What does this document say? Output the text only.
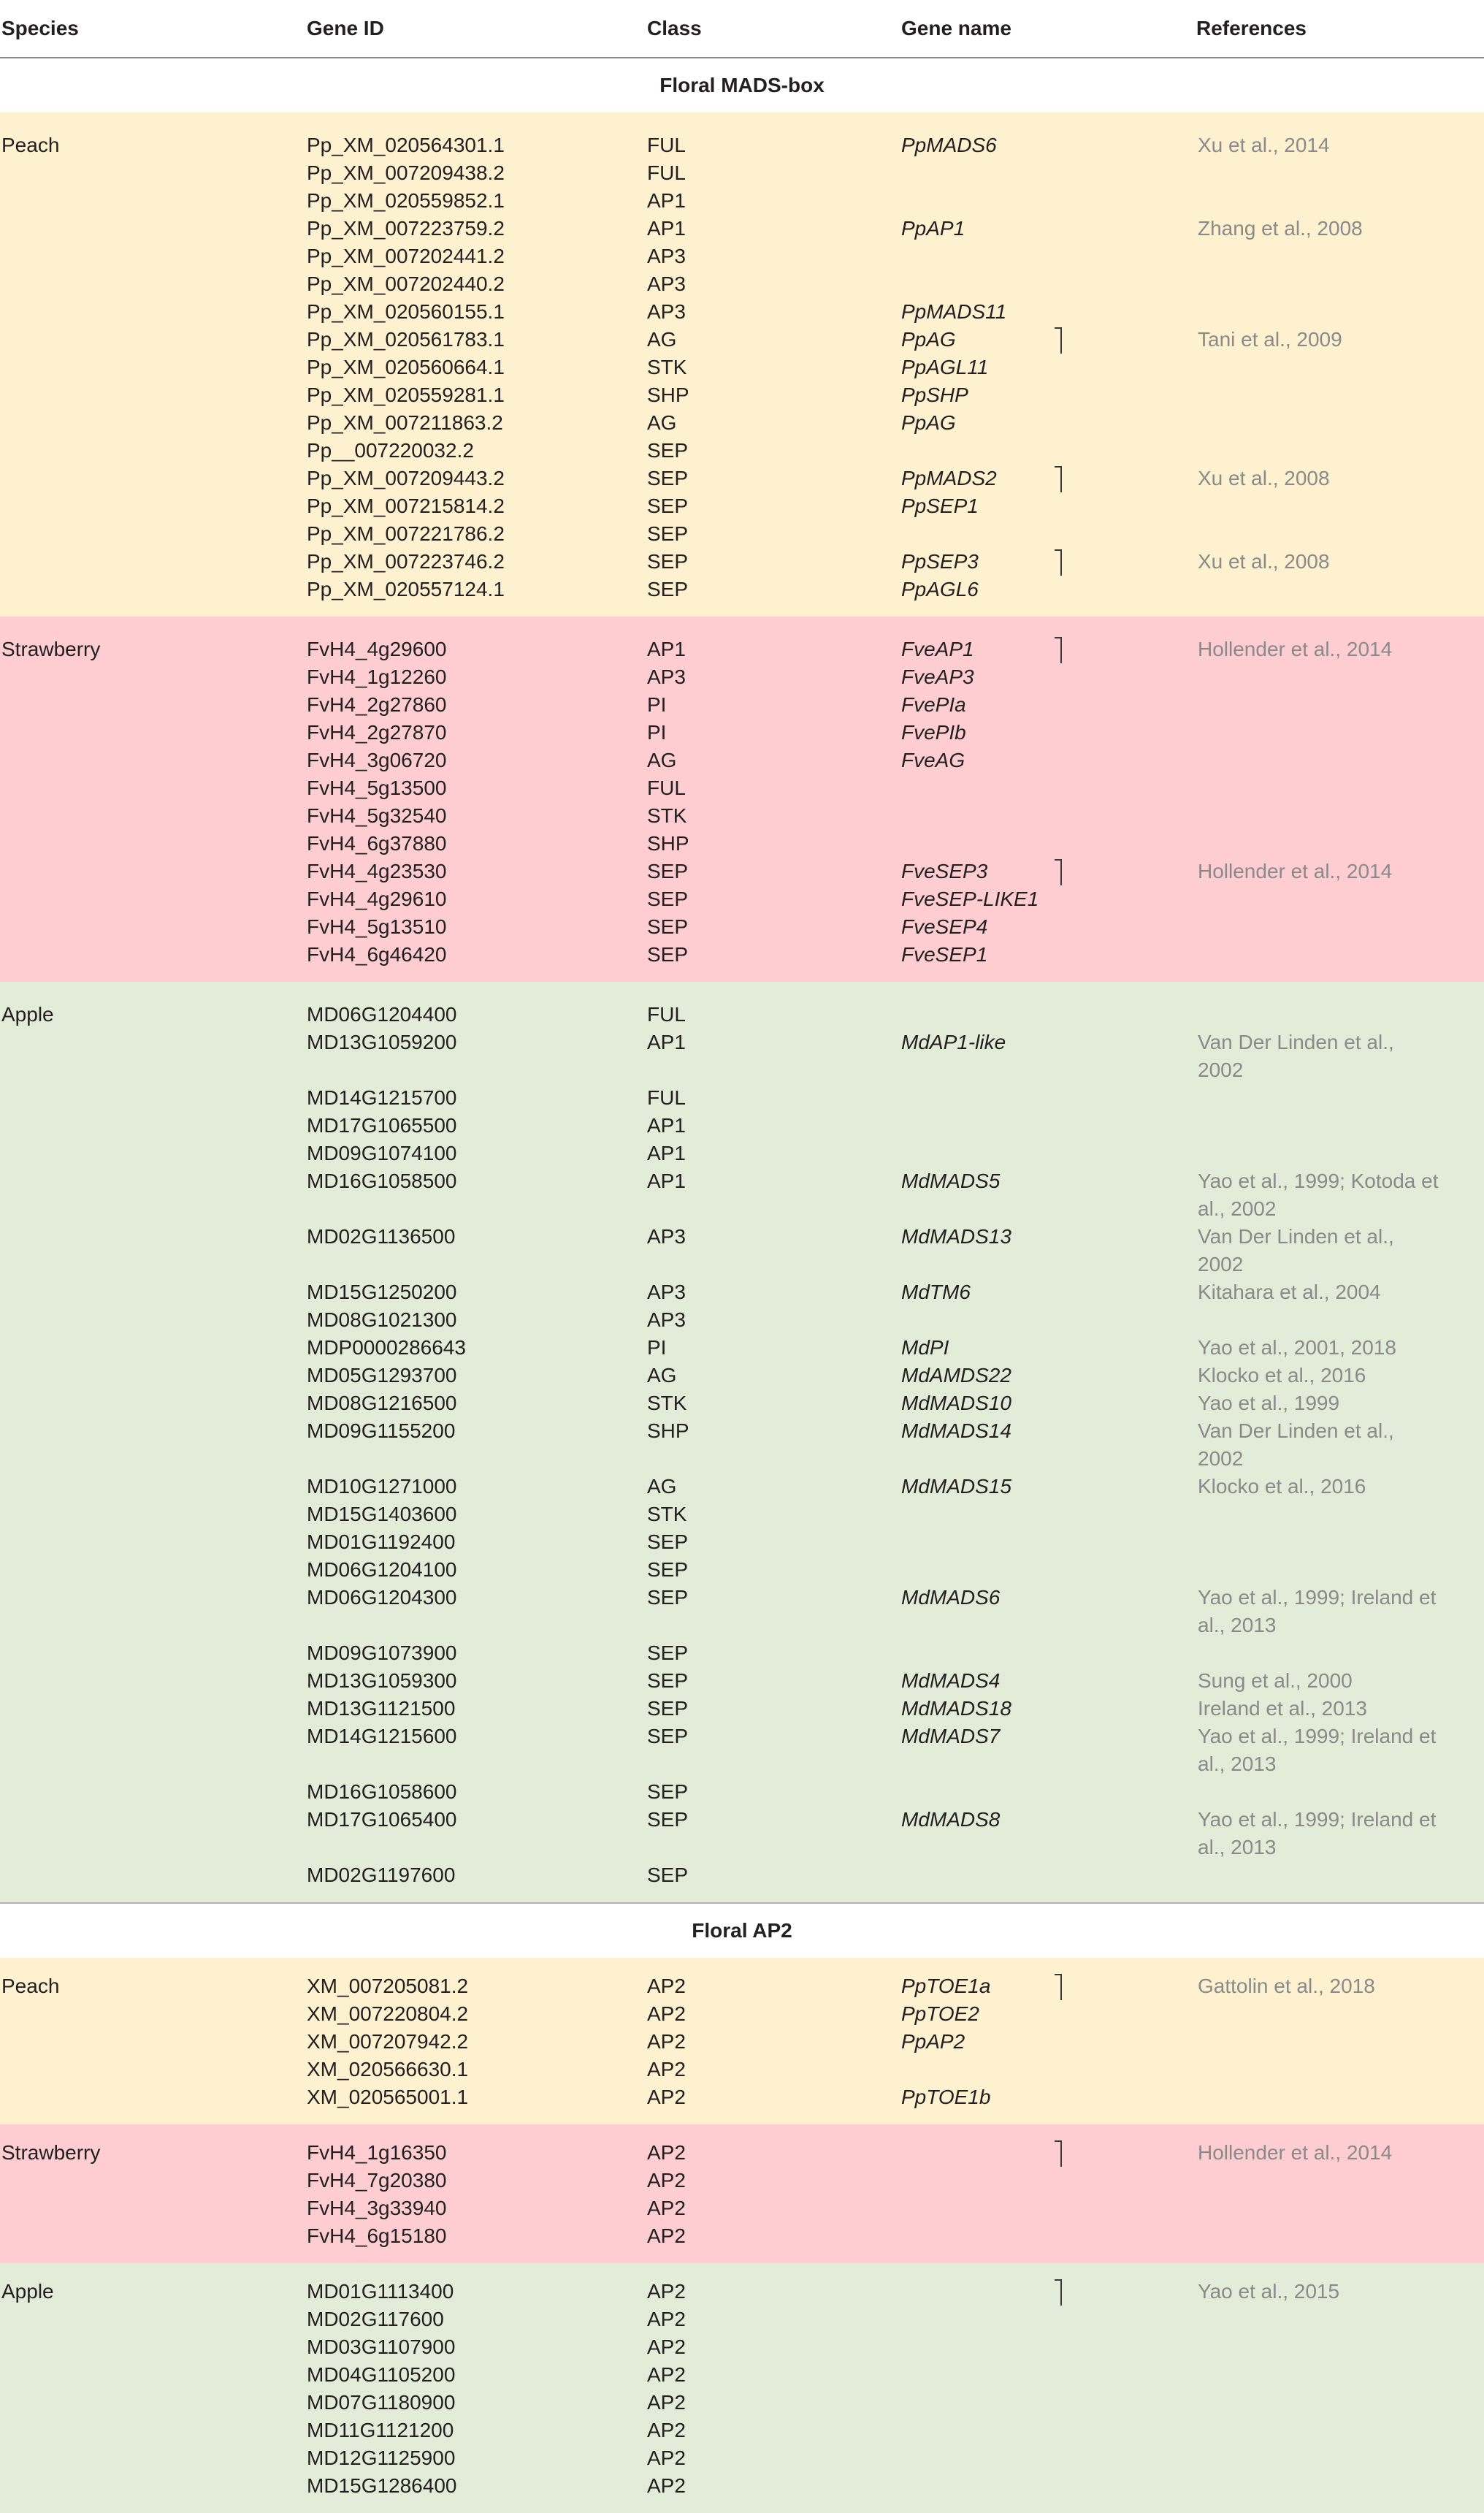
Species	Gene ID	Class	Gene name	References
Floral MADS-box				
Peach	Pp_XM_020564301.1	FUL	PpMADS6	Xu et al., 2014
	Pp_XM_007209438.2	FUL		
	Pp_XM_020559852.1	AP1		
	Pp_XM_007223759.2	AP1	PpAP1	Zhang et al., 2008
	Pp_XM_007202441.2	AP3		
	Pp_XM_007202440.2	AP3		
	Pp_XM_020560155.1	AP3	PpMADS11	
	Pp_XM_020561783.1	AG	PpAG	Tani et al., 2009
	Pp_XM_020560664.1	STK	PpAGL11	
	Pp_XM_020559281.1	SHP	PpSHP	
	Pp_XM_007211863.2	AG	PpAG	
	Pp__007220032.2	SEP		
	Pp_XM_007209443.2	SEP	PpMADS2	Xu et al., 2008
	Pp_XM_007215814.2	SEP	PpSEP1	
	Pp_XM_007221786.2	SEP		
	Pp_XM_007223746.2	SEP	PpSEP3	Xu et al., 2008
	Pp_XM_020557124.1	SEP	PpAGL6	
Strawberry	FvH4_4g29600	AP1	FveAP1	Hollender et al., 2014
	FvH4_1g12260	AP3	FveAP3	
	FvH4_2g27860	PI	FvePIa	
	FvH4_2g27870	PI	FvePIb	
	FvH4_3g06720	AG	FveAG	
	FvH4_5g13500	FUL		
	FvH4_5g32540	STK		
	FvH4_6g37880	SHP		
	FvH4_4g23530	SEP	FveSEP3	Hollender et al., 2014
	FvH4_4g29610	SEP	FveSEP-LIKE1	
	FvH4_5g13510	SEP	FveSEP4	
	FvH4_6g46420	SEP	FveSEP1	
Apple	MD06G1204400	FUL		
	MD13G1059200	AP1	MdAP1-like	Van Der Linden et al., 2002
	MD14G1215700	FUL		
	MD17G1065500	AP1		
	MD09G1074100	AP1		
	MD16G1058500	AP1	MdMADS5	Yao et al., 1999; Kotoda et al., 2002
	MD02G1136500	AP3	MdMADS13	Van Der Linden et al., 2002
	MD15G1250200	AP3	MdTM6	Kitahara et al., 2004
	MD08G1021300	AP3		
	MDP0000286643	PI	MdPI	Yao et al., 2001, 2018
	MD05G1293700	AG	MdAMDS22	Klocko et al., 2016
	MD08G1216500	STK	MdMADS10	Yao et al., 1999
	MD09G1155200	SHP	MdMADS14	Van Der Linden et al., 2002
	MD10G1271000	AG	MdMADS15	Klocko et al., 2016
	MD15G1403600	STK		
	MD01G1192400	SEP		
	MD06G1204100	SEP		
	MD06G1204300	SEP	MdMADS6	Yao et al., 1999; Ireland et al., 2013
	MD09G1073900	SEP		
	MD13G1059300	SEP	MdMADS4	Sung et al., 2000
	MD13G1121500	SEP	MdMADS18	Ireland et al., 2013
	MD14G1215600	SEP	MdMADS7	Yao et al., 1999; Ireland et al., 2013
	MD16G1058600	SEP		
	MD17G1065400	SEP	MdMADS8	Yao et al., 1999; Ireland et al., 2013
	MD02G1197600	SEP		
Floral AP2				
Peach	XM_007205081.2	AP2	PpTOE1a	Gattolin et al., 2018
	XM_007220804.2	AP2	PpTOE2	
	XM_007207942.2	AP2	PpAP2	
	XM_020566630.1	AP2		
	XM_020565001.1	AP2	PpTOE1b	
Strawberry	FvH4_1g16350	AP2		Hollender et al., 2014
	FvH4_7g20380	AP2		
	FvH4_3g33940	AP2		
	FvH4_6g15180	AP2		
Apple	MD01G1113400	AP2		Yao et al., 2015
	MD02G117600	AP2		
	MD03G1107900	AP2		
	MD04G1105200	AP2		
	MD07G1180900	AP2		
	MD11G1121200	AP2		
	MD12G1125900	AP2		
	MD15G1286400	AP2		
